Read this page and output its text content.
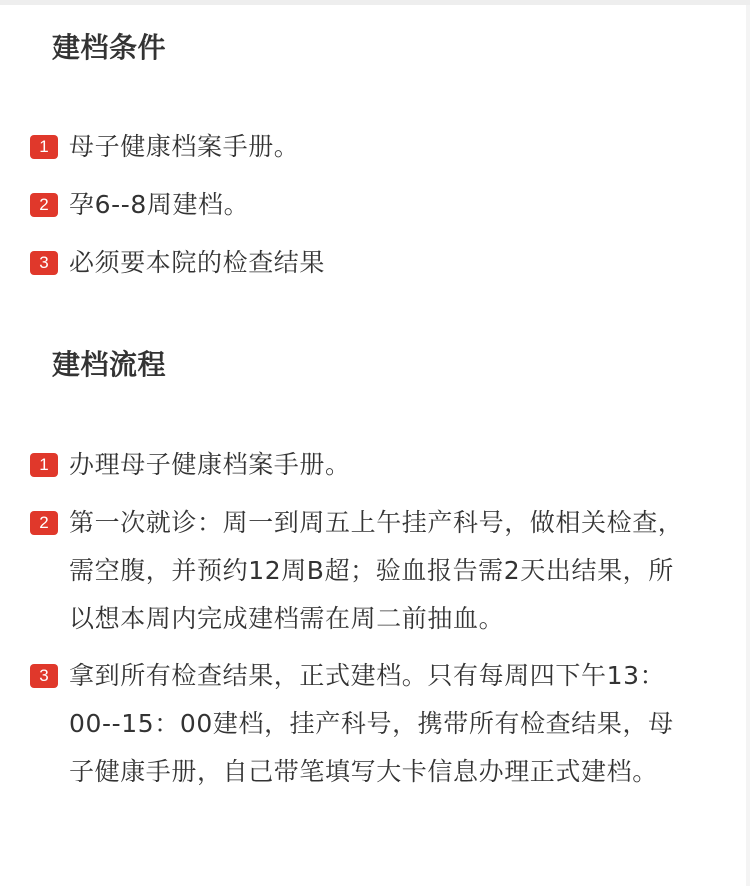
建档条件
1 母子健康档案手册。
2 孕6--8周建档。
3 必须要本院的检查结果
建档流程
1 办理母子健康档案手册。
2 第一次就诊：周一到周五上午挂产科号，做相关检查，需空腹，并预约12周B超；验血报告需2天出结果，所以想本周内完成建档需在周二前抽血。
3 拿到所有检查结果，正式建档。只有每周四下午13：00--15：00建档，挂产科号，携带所有检查结果，母子健康手册，自己带笔填写大卡信息办理正式建档。
